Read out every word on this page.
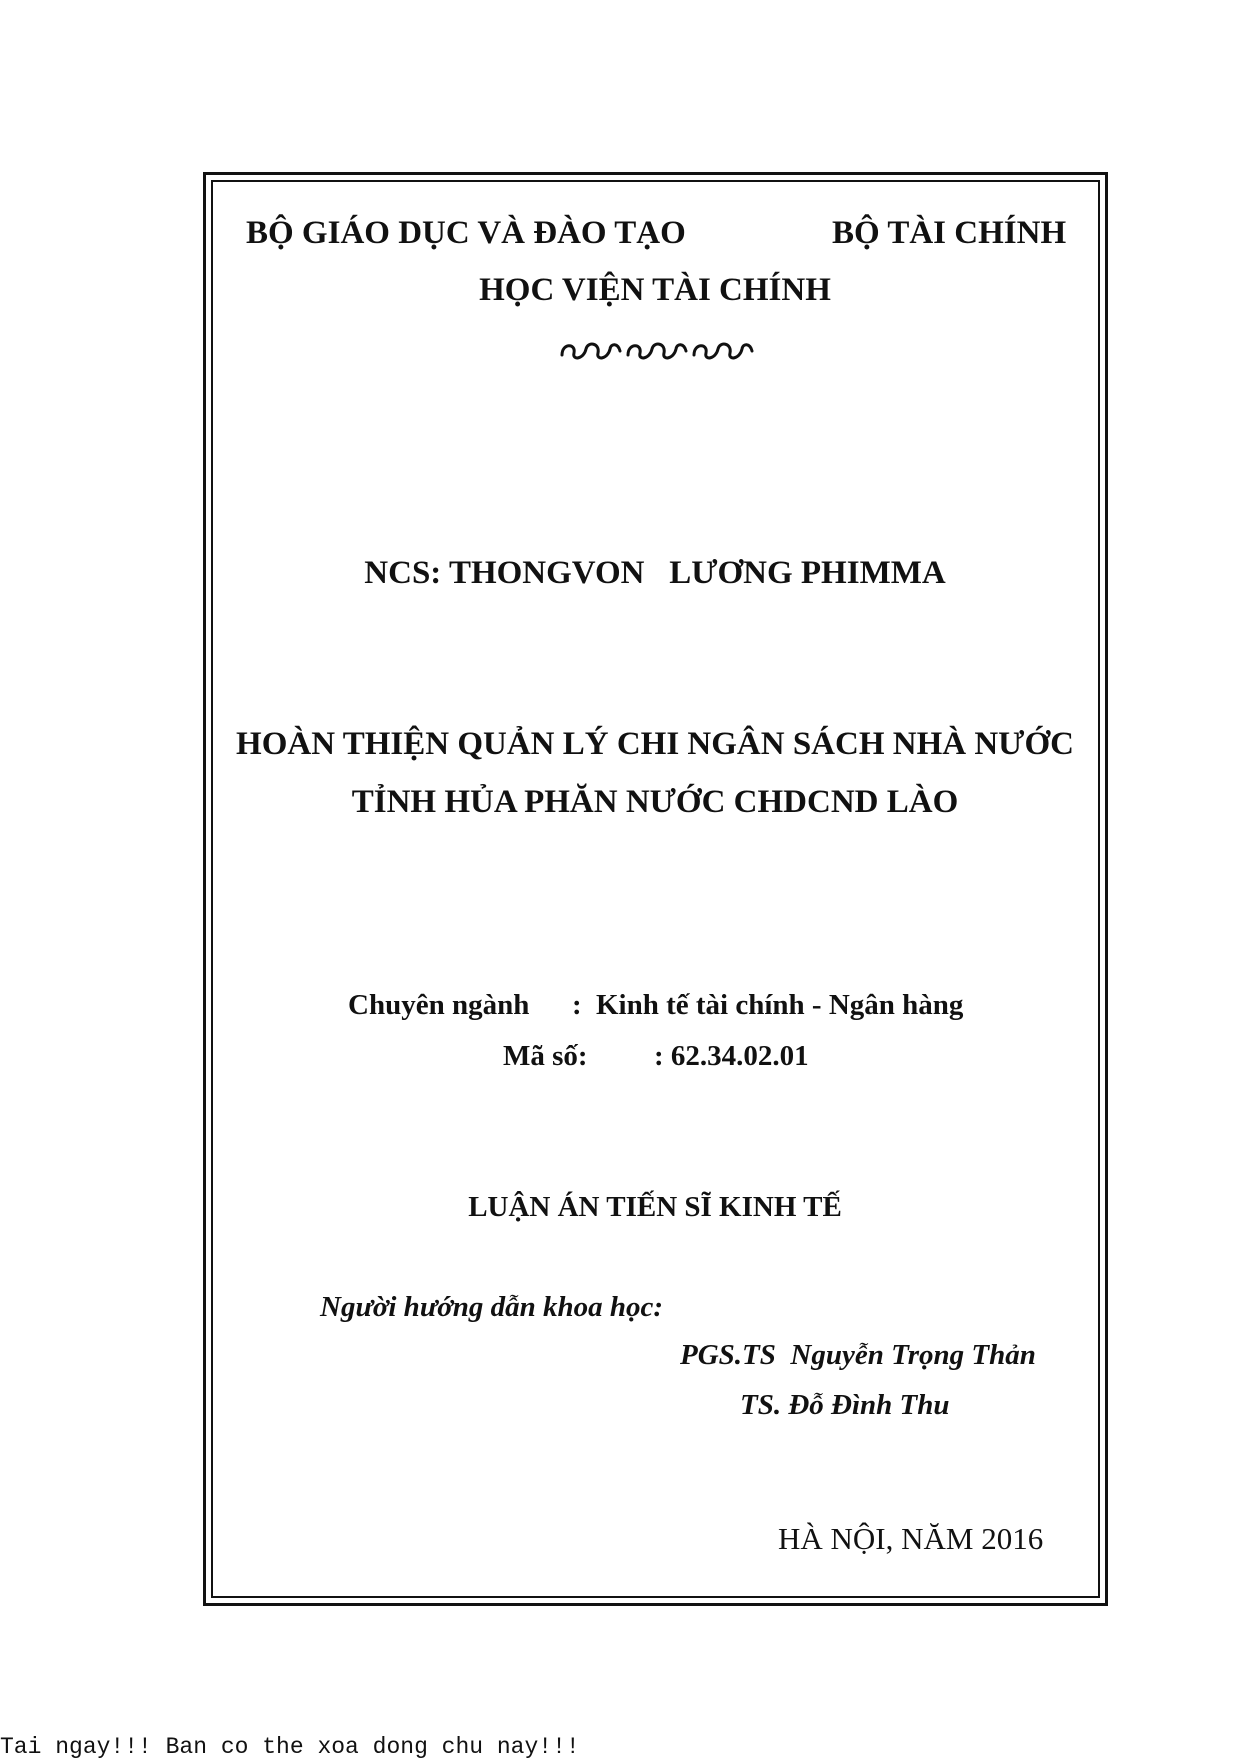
BỘ GIÁO DỤC VÀ ĐÀO TẠO	BỘ TÀI CHÍNH
HỌC VIỆN TÀI CHÍNH
NCS: THONGVON   LƯƠNG PHIMMA
HOÀN THIỆN QUẢN LÝ CHI NGÂN SÁCH NHÀ NƯỚC
TỈNH HỦA PHĂN NƯỚC CHDCND LÀO
Chuyên ngành : Kinh tế tài chính - Ngân hàng
Mã số: : 62.34.02.01
LUẬN ÁN TIẾN SĨ KINH TẾ
Người hướng dẫn khoa học:
PGS.TS  Nguyễn Trọng Thản
TS. Đỗ Đình Thu
HÀ NỘI, NĂM 2016
Tai ngay!!! Ban co the xoa dong chu nay!!!
